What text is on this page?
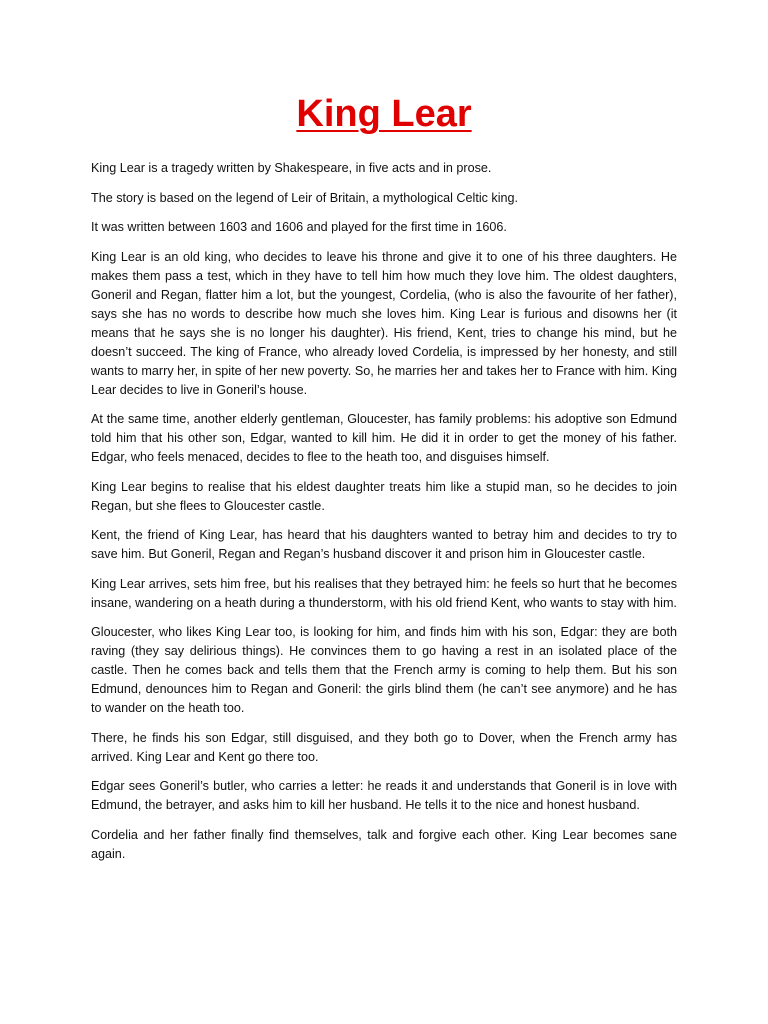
King Lear

King Lear is a tragedy written by Shakespeare, in five acts and in prose.

The story is based on the legend of Leir of Britain, a mythological Celtic king.

It was written between 1603 and 1606 and played for the first time in 1606.

King Lear is an old king, who decides to leave his throne and give it to one of his three daughters. He makes them pass a test, which in they have to tell him how much they love him. The oldest daughters, Goneril and Regan, flatter him a lot, but the youngest, Cordelia, (who is also the favourite of her father), says she has no words to describe how much she loves him. King Lear is furious and disowns her (it means that he says she is no longer his daughter). His friend, Kent, tries to change his mind, but he doesn’t succeed. The king of France, who already loved Cordelia, is impressed by her honesty, and still wants to marry her, in spite of her new poverty. So, he marries her and takes her to France with him. King Lear decides to live in Goneril’s house.

At the same time, another elderly gentleman, Gloucester, has family problems: his adoptive son Edmund told him that his other son, Edgar, wanted to kill him. He did it in order to get the money of his father. Edgar, who feels menaced, decides to flee to the heath too, and disguises himself.

King Lear begins to realise that his eldest daughter treats him like a stupid man, so he decides to join Regan, but she flees to Gloucester castle.

Kent, the friend of King Lear, has heard that his daughters wanted to betray him and decides to try to save him. But Goneril, Regan and Regan’s husband discover it and prison him in Gloucester castle.

King Lear arrives, sets him free, but his realises that they betrayed him: he feels so hurt that he becomes insane, wandering on a heath during a thunderstorm, with his old friend Kent, who wants to stay with him.

Gloucester, who likes King Lear too, is looking for him, and finds him with his son, Edgar: they are both raving (they say delirious things). He convinces them to go having a rest in an isolated place of the castle. Then he comes back and tells them that the French army is coming to help them. But his son Edmund, denounces him to Regan and Goneril: the girls blind them (he can’t see anymore) and he has to wander on the heath too.

There, he finds his son Edgar, still disguised, and they both go to Dover, when the French army has arrived. King Lear and Kent go there too.

Edgar sees Goneril’s butler, who carries a letter: he reads it and understands that Goneril is in love with Edmund, the betrayer, and asks him to kill her husband. He tells it to the nice and honest husband.

Cordelia and her father finally find themselves, talk and forgive each other. King Lear becomes sane again.
